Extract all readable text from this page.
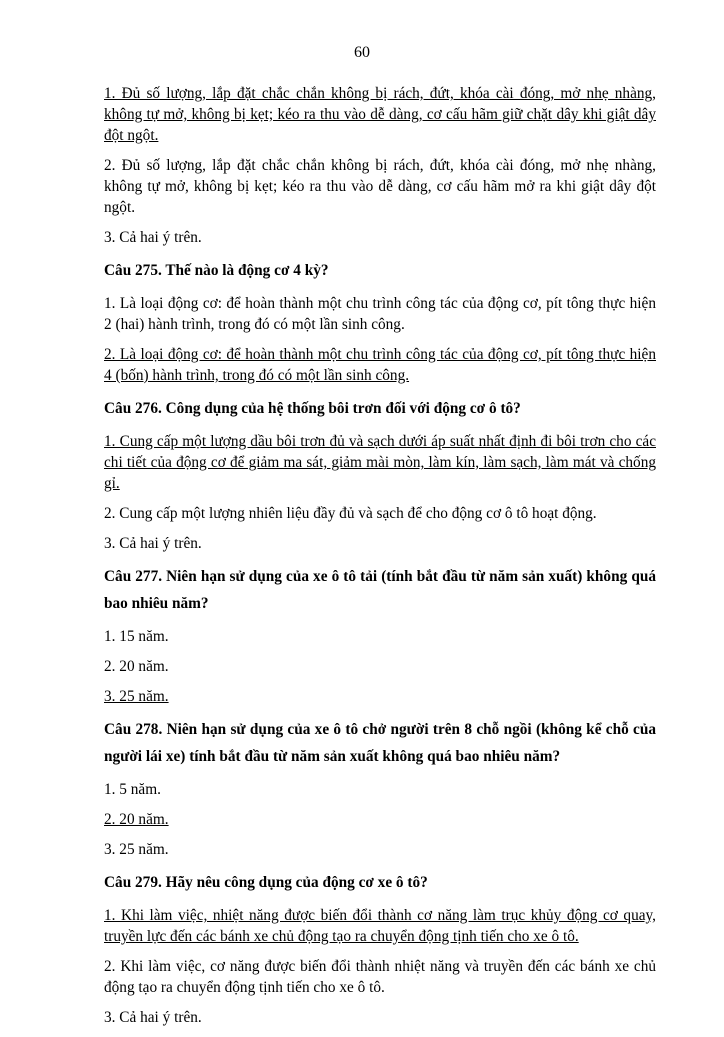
60

1. Đủ số lượng, lắp đặt chắc chắn không bị rách, đứt, khóa cài đóng, mở nhẹ nhàng, không tự mở, không bị kẹt; kéo ra thu vào dễ dàng, cơ cấu hãm giữ chặt dây khi giật dây đột ngột.

2. Đủ số lượng, lắp đặt chắc chắn không bị rách, đứt, khóa cài đóng, mở nhẹ nhàng, không tự mở, không bị kẹt; kéo ra thu vào dễ dàng, cơ cấu hãm mở ra khi giật dây đột ngột.

3. Cả hai ý trên.

Câu 275. Thế nào là động cơ 4 kỳ?

1. Là loại động cơ: để hoàn thành một chu trình công tác của động cơ, pít tông thực hiện 2 (hai) hành trình, trong đó có một lần sinh công.

2. Là loại động cơ: để hoàn thành một chu trình công tác của động cơ, pít tông thực hiện 4 (bốn) hành trình, trong đó có một lần sinh công.

Câu 276. Công dụng của hệ thống bôi trơn đối với động cơ ô tô?

1. Cung cấp một lượng dầu bôi trơn đủ và sạch dưới áp suất nhất định đi bôi trơn cho các chi tiết của động cơ để giảm ma sát, giảm mài mòn, làm kín, làm sạch, làm mát và chống gỉ.

2. Cung cấp một lượng nhiên liệu đầy đủ và sạch để cho động cơ ô tô hoạt động.

3. Cả hai ý trên.

Câu 277. Niên hạn sử dụng của xe ô tô tải (tính bắt đầu từ năm sản xuất) không quá bao nhiêu năm?

1. 15 năm.

2. 20 năm.

3. 25 năm.

Câu 278. Niên hạn sử dụng của xe ô tô chở người trên 8 chỗ ngồi (không kể chỗ của người lái xe) tính bắt đầu từ năm sản xuất không quá bao nhiêu năm?

1. 5 năm.

2. 20 năm.

3. 25 năm.

Câu 279. Hãy nêu công dụng của động cơ xe ô tô?

1. Khi làm việc, nhiệt năng được biến đổi thành cơ năng làm trục khủy động cơ quay, truyền lực đến các bánh xe chủ động tạo ra chuyển động tịnh tiến cho xe ô tô.

2. Khi làm việc, cơ năng được biến đổi thành nhiệt năng và truyền đến các bánh xe chủ động tạo ra chuyển động tịnh tiến cho xe ô tô.

3. Cả hai ý trên.
